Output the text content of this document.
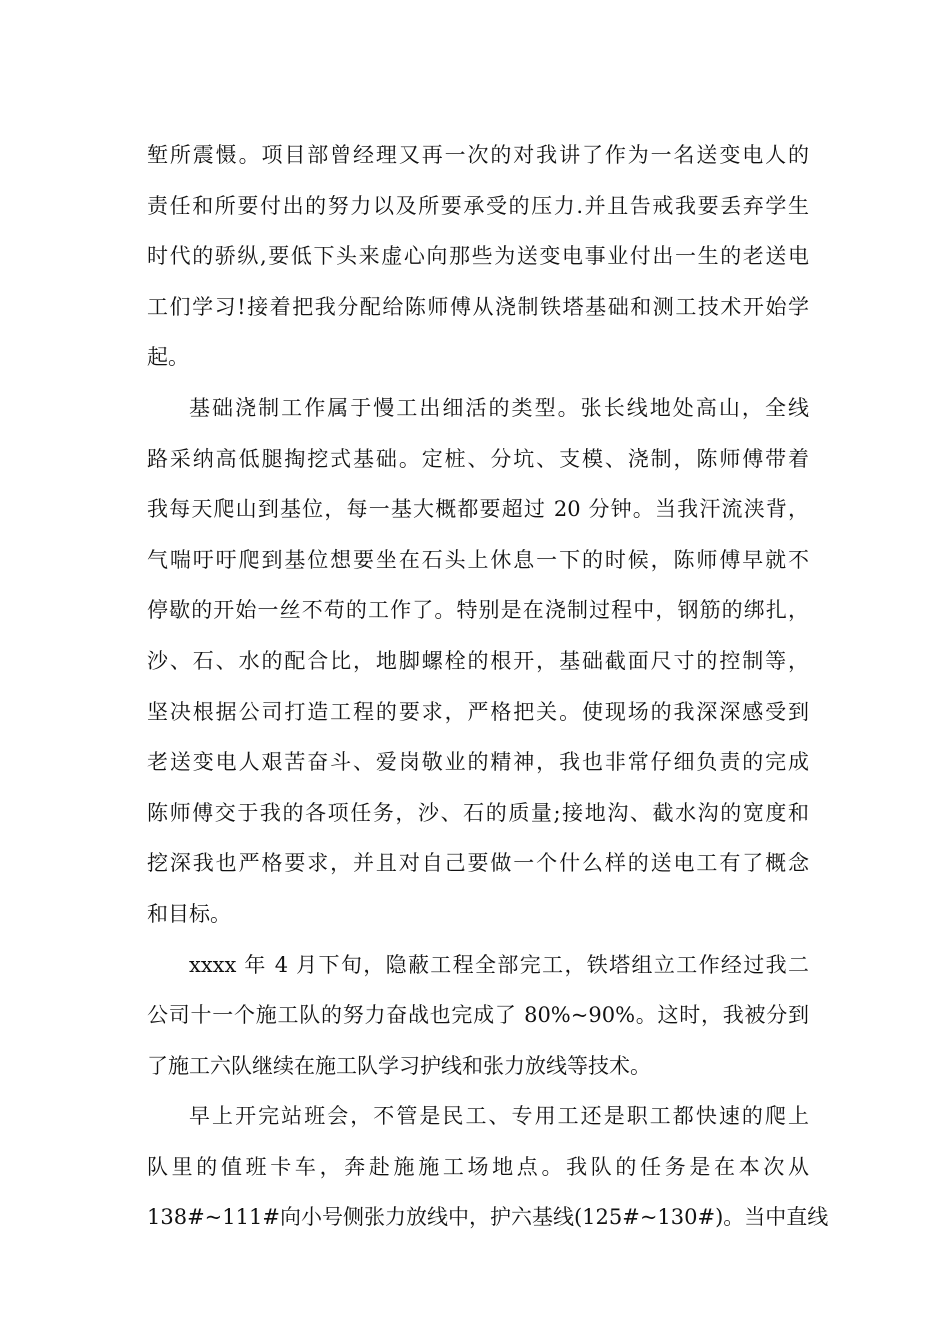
堑所震慑。项目部曾经理又再一次的对我讲了作为一名送变电人的
责任和所要付出的努力以及所要承受的压力.并且告戒我要丢弃学生
时代的骄纵,要低下头来虚心向那些为送变电事业付出一生的老送电
工们学习!接着把我分配给陈师傅从浇制铁塔基础和测工技术开始学
起。
基础浇制工作属于慢工出细活的类型。张长线地处高山，全线
路采纳高低腿掏挖式基础。定桩、分坑、支模、浇制，陈师傅带着
我每天爬山到基位，每一基大概都要超过 20 分钟。当我汗流浃背，
气喘吁吁爬到基位想要坐在石头上休息一下的时候，陈师傅早就不
停歇的开始一丝不苟的工作了。特别是在浇制过程中，钢筋的绑扎，
沙、石、水的配合比，地脚螺栓的根开，基础截面尺寸的控制等，
坚决根据公司打造工程的要求，严格把关。使现场的我深深感受到
老送变电人艰苦奋斗、爱岗敬业的精神，我也非常仔细负责的完成
陈师傅交于我的各项任务，沙、石的质量;接地沟、截水沟的宽度和
挖深我也严格要求，并且对自己要做一个什么样的送电工有了概念
和目标。
xxxx 年 4 月下旬，隐蔽工程全部完工，铁塔组立工作经过我二
公司十一个施工队的努力奋战也完成了 80%~90%。这时，我被分到
了施工六队继续在施工队学习护线和张力放线等技术。
早上开完站班会，不管是民工、专用工还是职工都快速的爬上
队里的值班卡车，奔赴施施工场地点。我队的任务是在本次从
138#~111#向小号侧张力放线中，护六基线(125#~130#)。当中直线
